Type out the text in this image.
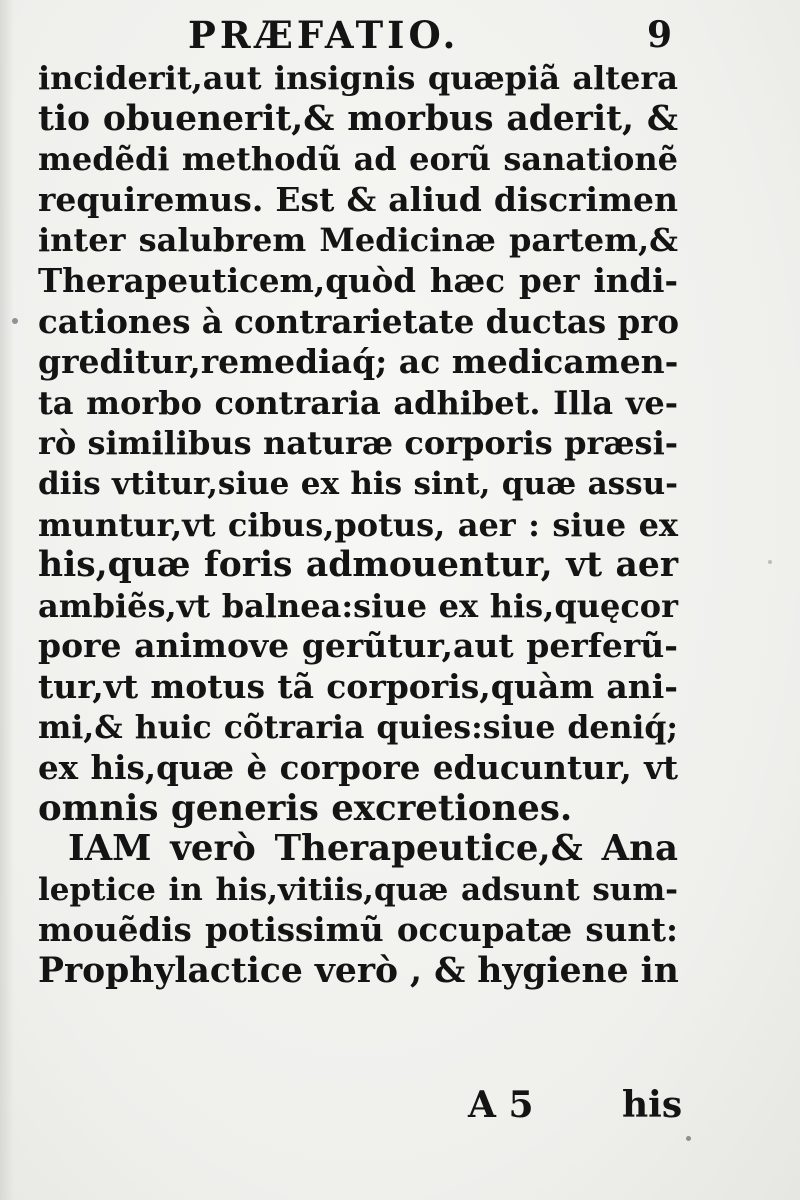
PRÆFATIO.	9
inciderit,aut insignis quæpiã altera
tio obuenerit,& morbus aderit, &
medẽdi methodũ ad eorũ sanationẽ
requiremus. Est & aliud discrimen
inter salubrem Medicinæ partem,&
Therapeuticem,quòd hæc per indi-
cationes à contrarietate ductas pro
greditur,remediaq́; ac medicamen-
ta morbo contraria adhibet. Illa ve-
rò similibus naturæ corporis præsi-
diis vtitur,siue ex his sint, quæ assu-
muntur,vt cibus,potus, aer : siue ex
his,quæ foris admouentur, vt aer
ambiẽs,vt balnea:siue ex his,quęcor
pore animove gerũtur,aut perferũ-
tur,vt motus tã corporis,quàm ani-
mi,& huic cõtraria quies:siue deniq́;
ex his,quæ è corpore educuntur, vt
omnis generis excretiones.
IAM verò Therapeutice,& Ana
leptice in his,vitiis,quæ adsunt sum-
mouẽdis potissimũ occupatæ sunt:
Prophylactice verò , & hygiene in
A 5 his
